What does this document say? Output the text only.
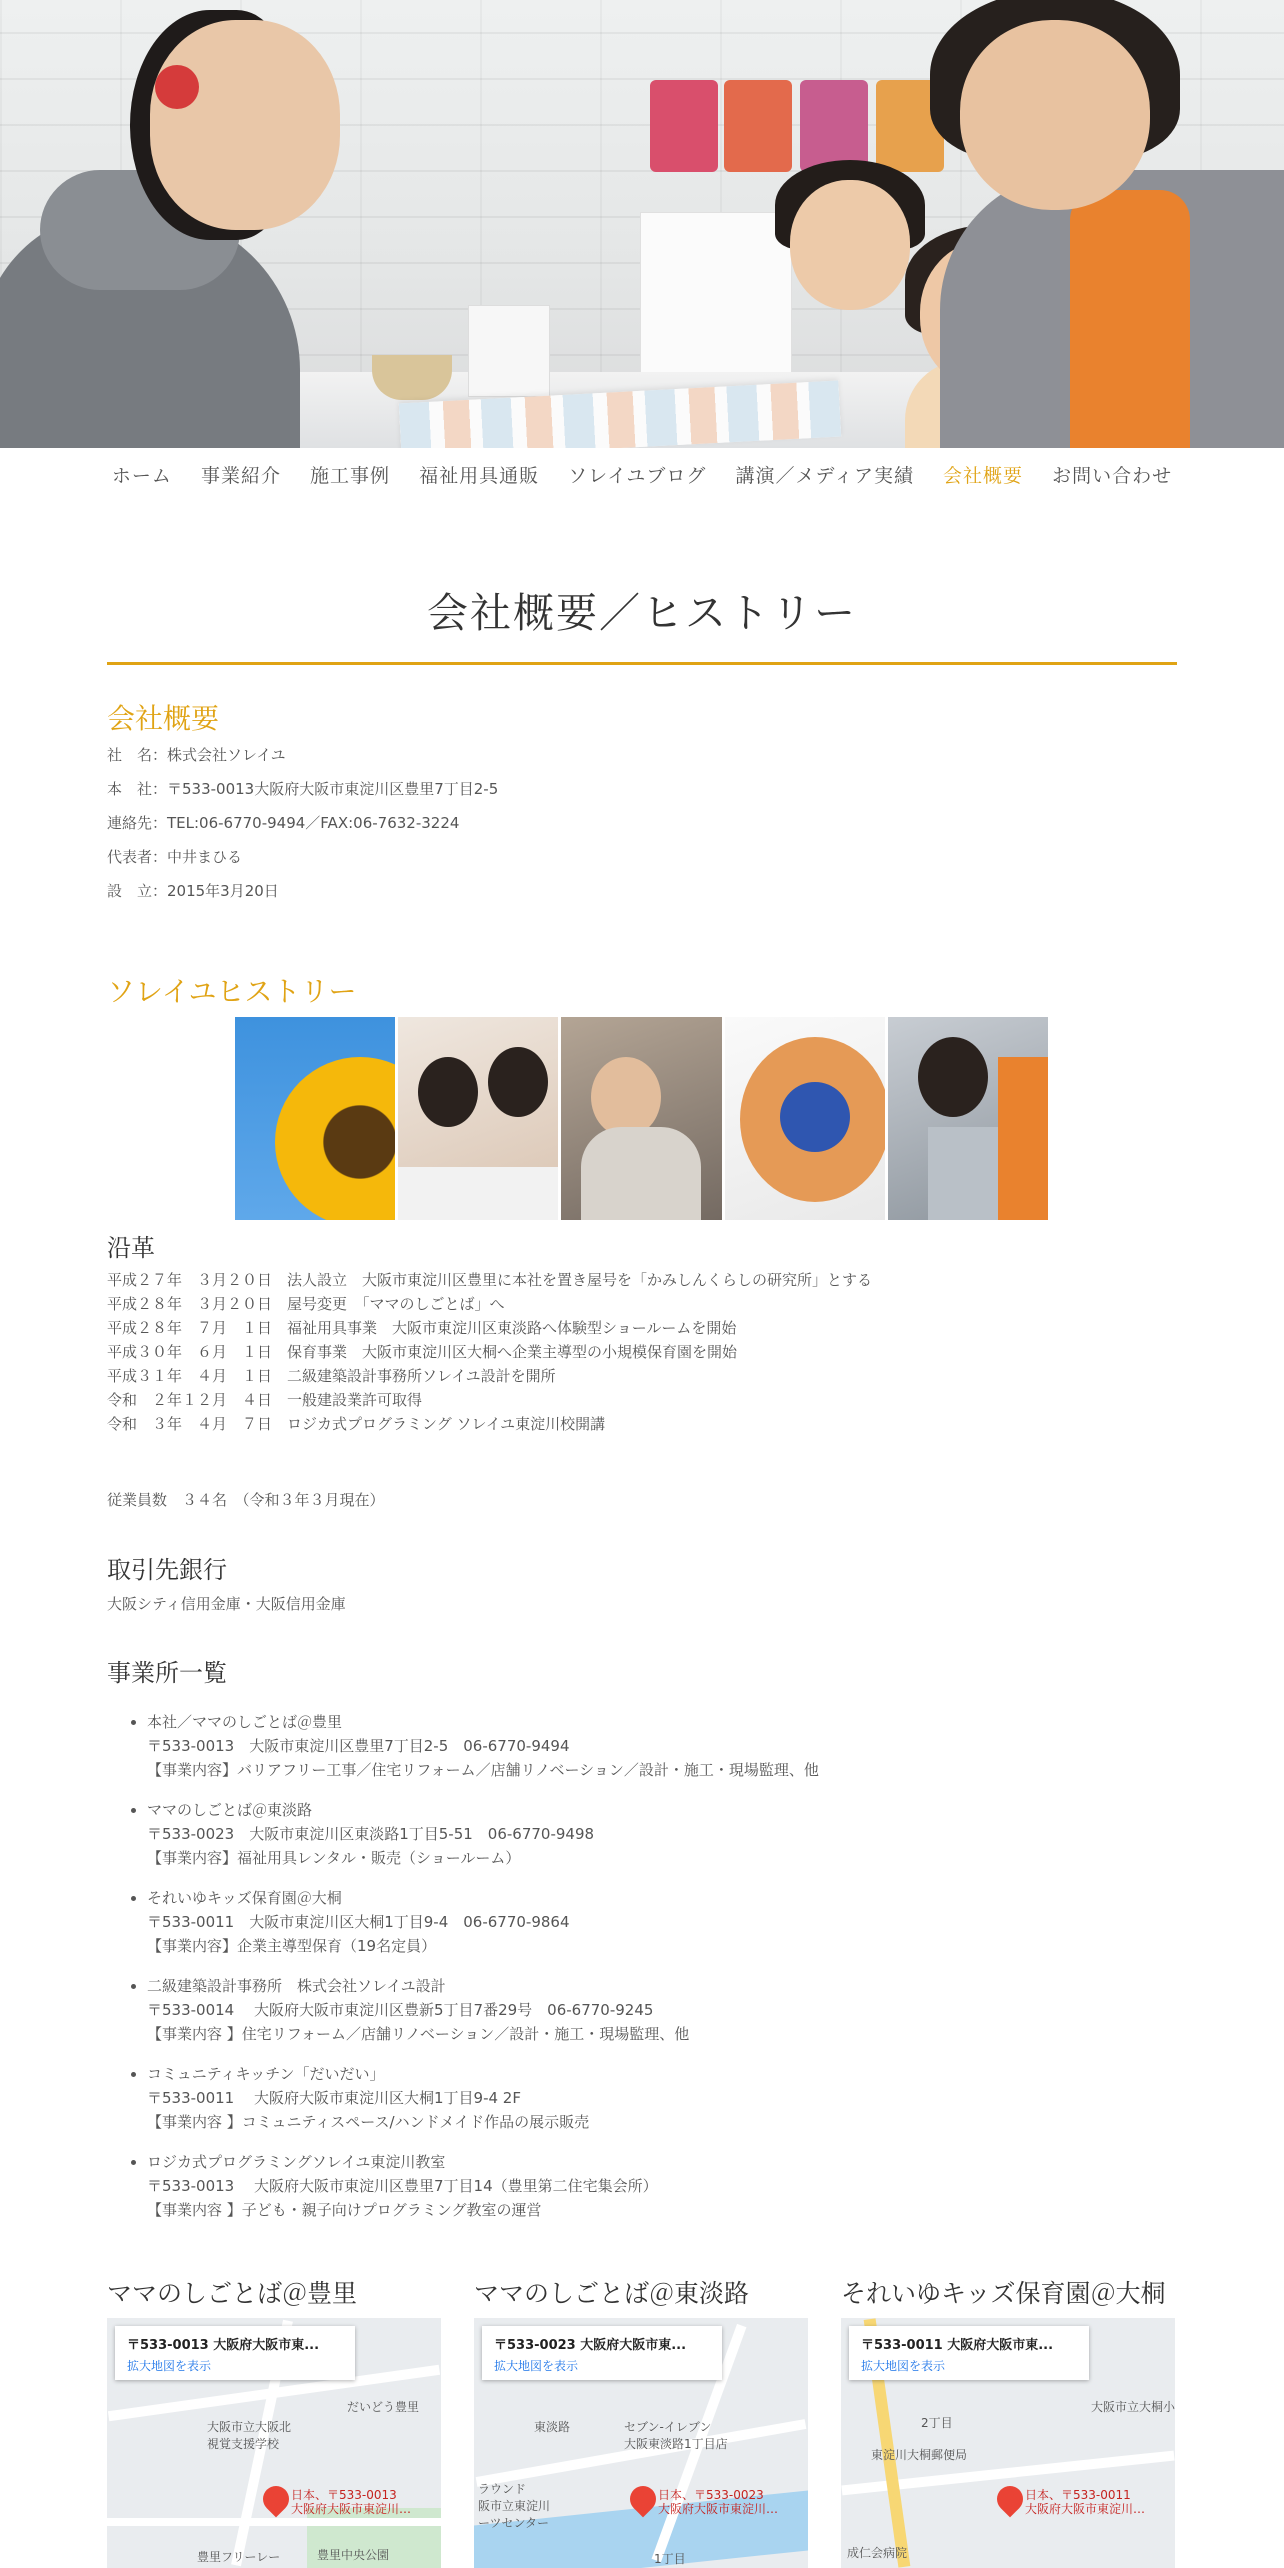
ホーム 事業紹介 施工事例 福祉用具通販 ソレイユブログ 講演／メディア実績 会社概要 お問い合わせ
会社概要／ヒストリー
会社概要
社　名：株式会社ソレイユ
本　社：〒533-0013大阪府大阪市東淀川区豊里7丁目2-5
連絡先：TEL:06-6770-9494／FAX:06-7632-3224
代表者：中井まひる
設　立：2015年3月20日
ソレイユヒストリー
沿革
平成２７年　３月２０日　法人設立　大阪市東淀川区豊里に本社を置き屋号を「かみしんくらしの研究所」とする
平成２８年　３月２０日　屋号変更　「ママのしごとば」へ
平成２８年　７月　１日　福祉用具事業　大阪市東淀川区東淡路へ体験型ショールームを開始
平成３０年　６月　１日　保育事業　大阪市東淀川区大桐へ企業主導型の小規模保育園を開始
平成３１年　４月　１日　二級建築設計事務所ソレイユ設計を開所
令和　２年１２月　４日　一般建設業許可取得
令和　３年　４月　７日　ロジカ式プログラミング ソレイユ東淀川校開講
従業員数　３４名　（令和３年３月現在）
取引先銀行
大阪シティ信用金庫・大阪信用金庫
事業所一覧
• 本社／ママのしごとば＠豊里
〒533-0013　大阪市東淀川区豊里7丁目2-5　06-6770-9494
【事業内容】バリアフリー工事／住宅リフォーム／店舗リノベーション／設計・施工・現場監理、他
• ママのしごとば＠東淡路
〒533-0023　大阪市東淀川区東淡路1丁目5-51　06-6770-9498
【事業内容】福祉用具レンタル・販売（ショールーム）
• それいゆキッズ保育園＠大桐
〒533-0011　大阪市東淀川区大桐1丁目9-4　06-6770-9864
【事業内容】企業主導型保育（19名定員）
• 二級建築設計事務所　株式会社ソレイユ設計
〒533-0014　 大阪府大阪市東淀川区豊新5丁目7番29号　06-6770-9245
【事業内容 】住宅リフォーム／店舗リノベーション／設計・施工・現場監理、他
• コミュニティキッチン「だいだい」
〒533-0011　 大阪府大阪市東淀川区大桐1丁目9-4 2F
【事業内容 】コミュニティスペース/ハンドメイド作品の展示販売
• ロジカ式プログラミングソレイユ東淀川教室
〒533-0013　 大阪府大阪市東淀川区豊里7丁目14（豊里第二住宅集会所）
【事業内容 】子ども・親子向けプログラミング教室の運営
ママのしごとば＠豊里
大阪市立大阪北
視覚支援学校
だいどう豊里
豊里フリーレー	豊里中央公園
日本、〒533-0013
大阪府大阪市東淀川…
〒533-0013 大阪府大阪市東...
拡大地図を表示
ママのしごとば＠東淡路
東淡路	セブン-イレブン
大阪東淡路1丁目店
ラウンド
阪市立東淀川
ーツセンター
1丁目
日本、〒533-0023
大阪府大阪市東淀川…
〒533-0023 大阪府大阪市東...
拡大地図を表示
それいゆキッズ保育園＠大桐
大阪市立大桐小
2丁目
東淀川大桐郵便局
成仁会病院
日本、〒533-0011
大阪府大阪市東淀川…
〒533-0011 大阪府大阪市東...
拡大地図を表示
